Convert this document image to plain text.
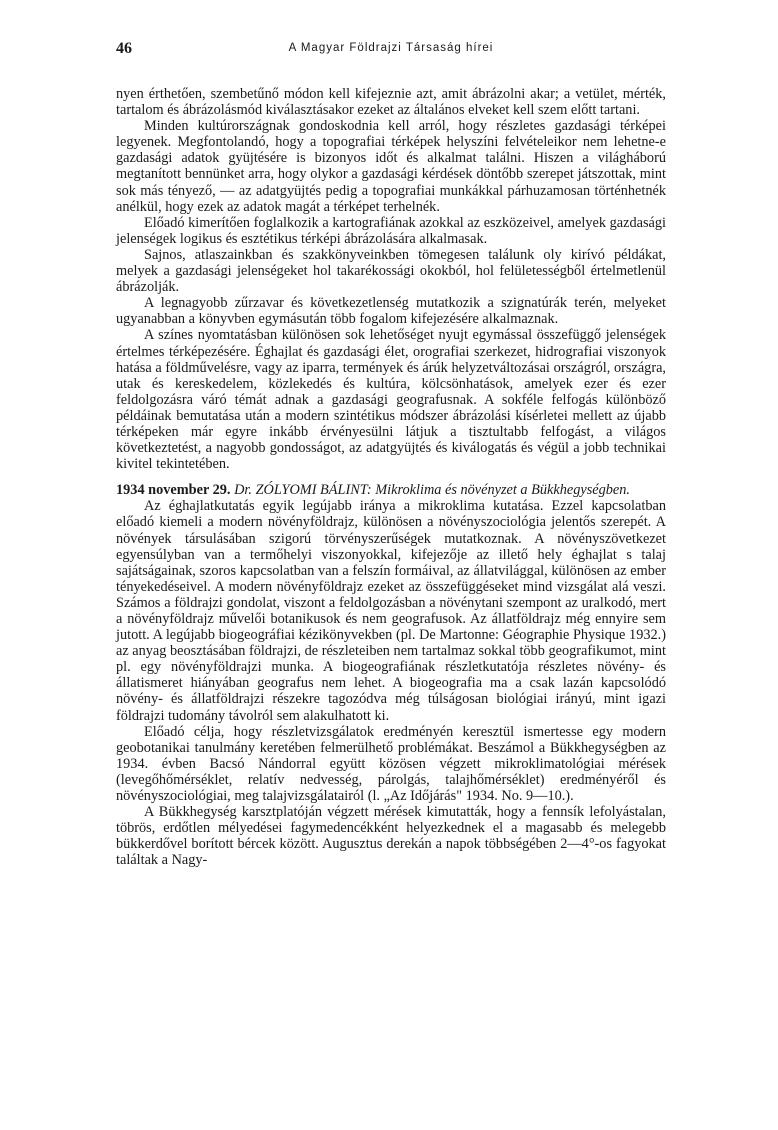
46	A Magyar Földrajzi Társaság hírei

nyen érthetően, szembetűnő módon kell kifejeznie azt, amit ábrázolni akar; a vetület, mérték, tartalom és ábrázolásmód kiválasztásakor ezeket az általános elveket kell szem előtt tartani.

Minden kultúrországnak gondoskodnia kell arról, hogy részletes gazdasági térképei legyenek. Megfontolandó, hogy a topografiai térképek helyszíni felvételeikor nem lehetne-e gazdasági adatok gyüjtésére is bizonyos időt és alkalmat találni. Hiszen a világháború megtanított bennünket arra, hogy olykor a gazdasági kérdések döntőbb szerepet játszottak, mint sok más tényező, — az adatgyüjtés pedig a topografiai munkákkal párhuzamosan történhetnék anélkül, hogy ezek az adatok magát a térképet terhelnék.

Előadó kimerítően foglalkozik a kartografiának azokkal az eszközeivel, amelyek gazdasági jelenségek logikus és esztétikus térképi ábrázolására alkalmasak.

Sajnos, atlaszainkban és szakkönyveinkben tömegesen találunk oly kirívó példákat, melyek a gazdasági jelenségeket hol takarékossági okokból, hol felületességből értelmetlenül ábrázolják.

A legnagyobb zűrzavar és következetlenség mutatkozik a szignatúrák terén, melyeket ugyanabban a könyvben egymásután több fogalom kifejezésére alkalmaznak.

A színes nyomtatásban különösen sok lehetőséget nyujt egymással összefüggő jelenségek értelmes térképezésére. Éghajlat és gazdasági élet, orografiai szerkezet, hidrografiai viszonyok hatása a földművelésre, vagy az iparra, termények és árúk helyzetváltozásai országról, országra, utak és kereskedelem, közlekedés és kultúra, kölcsönhatások, amelyek ezer és ezer feldolgozásra váró témát adnak a gazdasági geografusnak. A sokféle felfogás különböző példáinak bemutatása után a modern szintétikus módszer ábrázolási kísérletei mellett az újabb térképeken már egyre inkább érvényesülni látjuk a tisztultabb felfogást, a világos következtetést, a nagyobb gondosságot, az adatgyüjtés és kiválogatás és végül a jobb technikai kivitel tekintetében.

1934 november 29. Dr. ZÓLYOMI BÁLINT: Mikroklima és növényzet a Bükkhegységben.

Az éghajlatkutatás egyik legújabb iránya a mikroklima kutatása. Ezzel kapcsolatban előadó kiemeli a modern növényföldrajz, különösen a növényszociológia jelentős szerepét. A növények társulásában szigorú törvényszerűségek mutatkoznak. A növényszövetkezet egyensúlyban van a termőhelyi viszonyokkal, kifejezője az illető hely éghajlat s talaj sajátságainak, szoros kapcsolatban van a felszín formáival, az állatvilággal, különösen az ember tényekedéseivel. A modern növényföldrajz ezeket az összefüggéseket mind vizsgálat alá veszi. Számos a földrajzi gondolat, viszont a feldolgozásban a növénytani szempont az uralkodó, mert a növényföldrajz művelői botanikusok és nem geografusok. Az állatföldrajz még ennyire sem jutott. A legújabb biogeográfiai kézikönyvekben (pl. De Martonne: Géographie Physique 1932.) az anyag beosztásában földrajzi, de részleteiben nem tartalmaz sokkal több geografikumot, mint pl. egy növényföldrajzi munka. A biogeografiának részletkutatója részletes növény- és állatismeret hiányában geografus nem lehet. A biogeografia ma a csak lazán kapcsolódó növény- és állatföldrajzi részekre tagozódva még túlságosan biológiai irányú, mint igazi földrajzi tudomány távolról sem alakulhatott ki.

Előadó célja, hogy részletvizsgálatok eredményén keresztül ismertesse egy modern geobotanikai tanulmány keretében felmerülhető problémákat. Beszámol a Bükkhegységben az 1934. évben Bacsó Nándorral együtt közösen végzett mikroklimatológiai mérések (levegőhőmérséklet, relatív nedvesség, párolgás, talajhőmérséklet) eredményéről és növényszociológiai, meg talajvizsgálatairól (l. „Az Időjárás" 1934. No. 9—10.).

A Bükkhegység karsztplatóján végzett mérések kimutatták, hogy a fennsík lefolyástalan, töbrös, erdőtlen mélyedései fagymedencékként helyezkednek el a magasabb és melegebb bükkerdővel borított bércek között. Augusztus derekán a napok többségében 2—4°-os fagyokat találtak a Nagy-
